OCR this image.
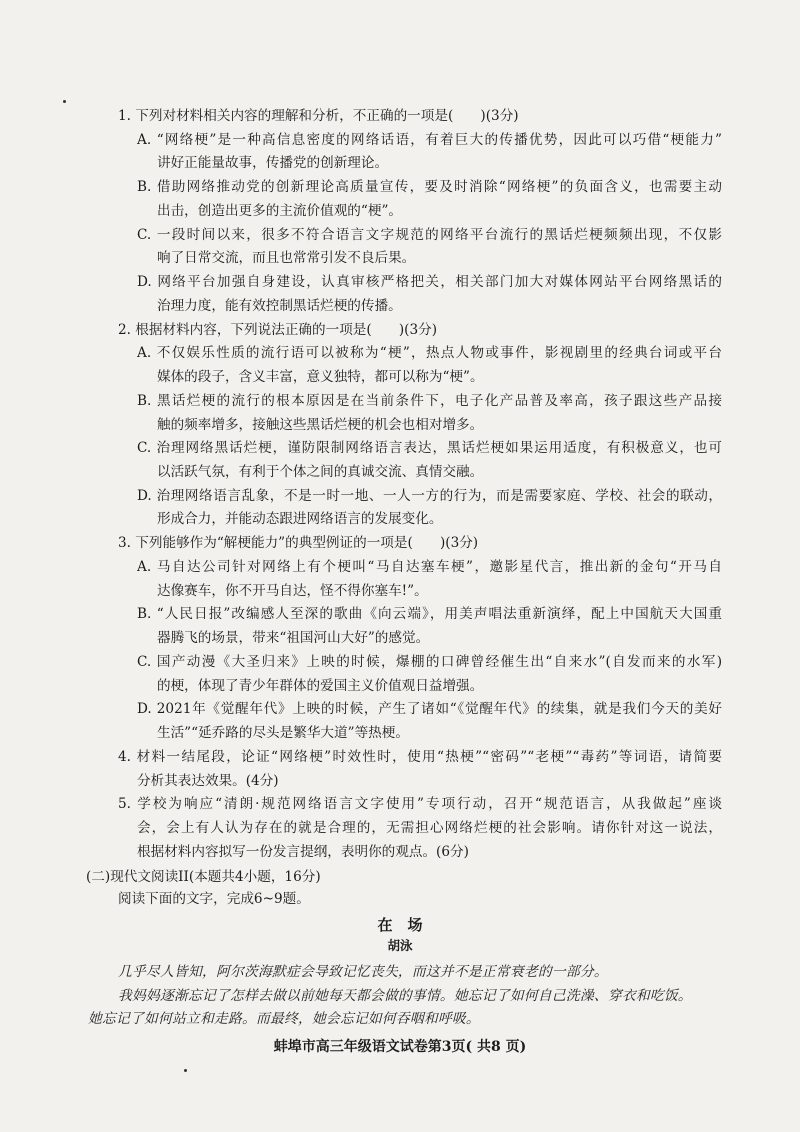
1. 下列对材料相关内容的理解和分析，不正确的一项是(　　)(3分)
A. “网络梗”是一种高信息密度的网络话语，有着巨大的传播优势，因此可以巧借“梗能力”
讲好正能量故事，传播党的创新理论。
B. 借助网络推动党的创新理论高质量宣传，要及时消除“网络梗”的负面含义，也需要主动
出击，创造出更多的主流价值观的“梗”。
C. 一段时间以来，很多不符合语言文字规范的网络平台流行的黑话烂梗频频出现，不仅影
响了日常交流，而且也常常引发不良后果。
D. 网络平台加强自身建设，认真审核严格把关，相关部门加大对媒体网站平台网络黑话的
治理力度，能有效控制黑话烂梗的传播。
2. 根据材料内容，下列说法正确的一项是(　　)(3分)
A. 不仅娱乐性质的流行语可以被称为“梗”，热点人物或事件，影视剧里的经典台词或平台
媒体的段子，含义丰富，意义独特，都可以称为“梗”。
B. 黑话烂梗的流行的根本原因是在当前条件下，电子化产品普及率高，孩子跟这些产品接
触的频率增多，接触这些黑话烂梗的机会也相对增多。
C. 治理网络黑话烂梗，谨防限制网络语言表达，黑话烂梗如果运用适度，有积极意义，也可
以活跃气氛，有利于个体之间的真诚交流、真情交融。
D. 治理网络语言乱象，不是一时一地、一人一方的行为，而是需要家庭、学校、社会的联动，
形成合力，并能动态跟进网络语言的发展变化。
3. 下列能够作为“解梗能力”的典型例证的一项是(　　)(3分)
A. 马自达公司针对网络上有个梗叫“马自达塞车梗”，邀影星代言，推出新的金句“开马自
达像赛车，你不开马自达，怪不得你塞车!”。
B. “人民日报”改编感人至深的歌曲《向云端》，用美声唱法重新演绎，配上中国航天大国重
器腾飞的场景，带来“祖国河山大好”的感觉。
C. 国产动漫《大圣归来》上映的时候，爆棚的口碑曾经催生出“自来水”(自发而来的水军)
的梗，体现了青少年群体的爱国主义价值观日益增强。
D. 2021年《觉醒年代》上映的时候，产生了诸如“《觉醒年代》的续集，就是我们今天的美好
生活”“延乔路的尽头是繁华大道”等热梗。
4. 材料一结尾段，论证“网络梗”时效性时，使用“热梗”“密码”“老梗”“毒药”等词语，请简要
分析其表达效果。(4分)
5. 学校为响应“清朗·规范网络语言文字使用”专项行动，召开“规范语言，从我做起”座谈
会，会上有人认为存在的就是合理的，无需担心网络烂梗的社会影响。请你针对这一说法，
根据材料内容拟写一份发言提纲，表明你的观点。(6分)
(二)现代文阅读II(本题共4小题，16分)
阅读下面的文字，完成6~9题。
在　场
胡泳
几乎尽人皆知，阿尔茨海默症会导致记忆丧失，而这并不是正常衰老的一部分。
我妈妈逐渐忘记了怎样去做以前她每天都会做的事情。她忘记了如何自己洗澡、穿衣和吃饭。
她忘记了如何站立和走路。而最终，她会忘记如何吞咽和呼吸。
蚌埠市高三年级语文试卷第3页( 共8 页)
